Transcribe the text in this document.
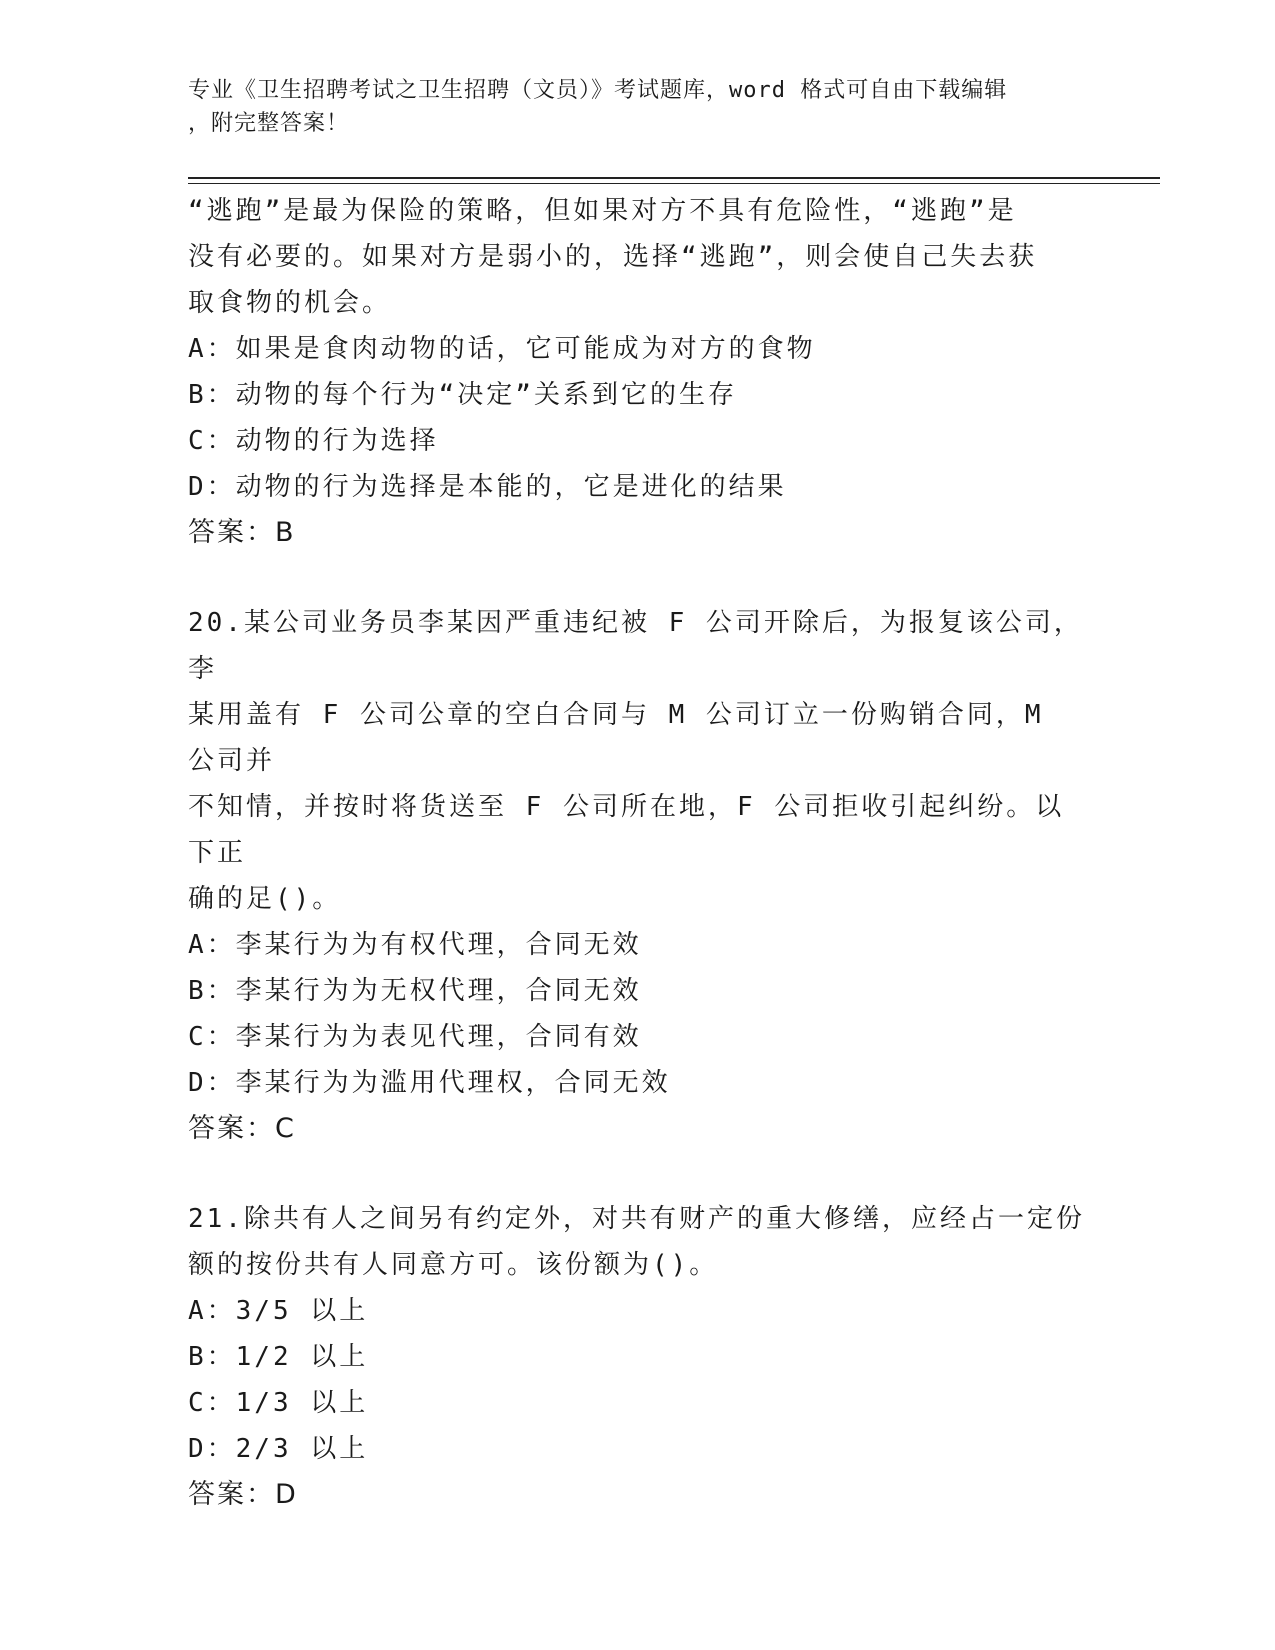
专业《卫生招聘考试之卫生招聘（文员）》考试题库，word 格式可自由下载编辑
，附完整答案！

“逃跑”是最为保险的策略，但如果对方不具有危险性，“逃跑”是

没有必要的。如果对方是弱小的，选择“逃跑”，则会使自己失去获

取食物的机会。

A：如果是食肉动物的话，它可能成为对方的食物

B：动物的每个行为“决定”关系到它的生存

C：动物的行为选择

D：动物的行为选择是本能的，它是进化的结果

答案：B

20.某公司业务员李某因严重违纪被 F 公司开除后，为报复该公司，李

某用盖有 F 公司公章的空白合同与 M 公司订立一份购销合同，M 公司并

不知情，并按时将货送至 F 公司所在地，F 公司拒收引起纠纷。以下正

确的足()。

A：李某行为为有权代理，合同无效

B：李某行为为无权代理，合同无效

C：李某行为为表见代理，合同有效

D：李某行为为滥用代理权，合同无效

答案：C

21.除共有人之间另有约定外，对共有财产的重大修缮，应经占一定份

额的按份共有人同意方可。该份额为()。

A：3/5 以上

B：1/2 以上

C：1/3 以上

D：2/3 以上

答案：D
